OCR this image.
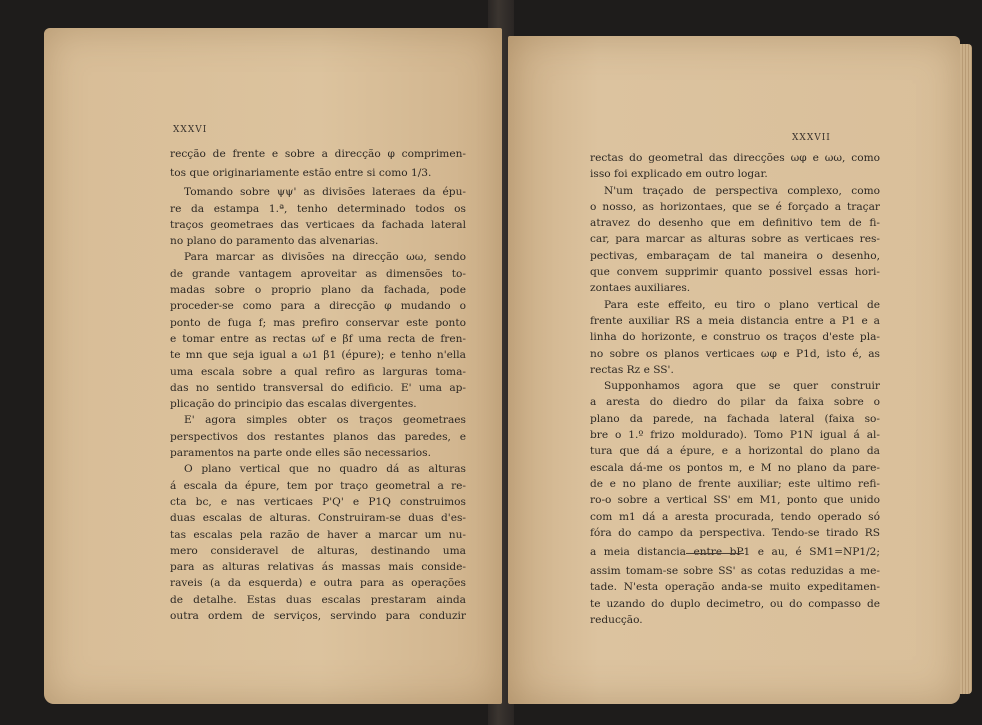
XXXVI
recção de frente e sobre a direcção φ comprimen-
tos que originariamente estão entre si como 1/3.
Tomando sobre ψψ' as divisões lateraes da épu-
re da estampa 1.ª, tenho determinado todos os
traços geometraes das verticaes da fachada lateral
no plano do paramento das alvenarias.
Para marcar as divisões na direcção ωω, sendo
de grande vantagem aproveitar as dimensões to-
madas sobre o proprio plano da fachada, pode
proceder-se como para a direcção φ mudando o
ponto de fuga f; mas prefiro conservar este ponto
e tomar entre as rectas ωf e βf uma recta de fren-
te mn que seja igual a ω1 β1 (épure); e tenho n'ella
uma escala sobre a qual refiro as larguras toma-
das no sentido transversal do edificio. E' uma ap-
plicação do principio das escalas divergentes.
E' agora simples obter os traços geometraes
perspectivos dos restantes planos das paredes, e
paramentos na parte onde elles são necessarios.
O plano vertical que no quadro dá as alturas
á escala da épure, tem por traço geometral a re-
cta bc, e nas verticaes P'Q' e P1Q construimos
duas escalas de alturas. Construiram-se duas d'es-
tas escalas pela razão de haver a marcar um nu-
mero consideravel de alturas, destinando uma
para as alturas relativas ás massas mais conside-
raveis (a da esquerda) e outra para as operações
de detalhe. Estas duas escalas prestaram ainda
outra ordem de serviços, servindo para conduzir
XXXVII
rectas do geometral das direcções ωφ e ωω, como
isso foi explicado em outro logar.
N'um traçado de perspectiva complexo, como
o nosso, as horizontaes, que se é forçado a traçar
atravez do desenho que em definitivo tem de fi-
car, para marcar as alturas sobre as verticaes res-
pectivas, embaraçam de tal maneira o desenho,
que convem supprimir quanto possivel essas hori-
zontaes auxiliares.
Para este effeito, eu tiro o plano vertical de
frente auxiliar RS a meia distancia entre a P1 e a
linha do horizonte, e construo os traços d'este pla-
no sobre os planos verticaes ωφ e P1d, isto é, as
rectas Rz e SS'.
Supponhamos agora que se quer construir
a aresta do diedro do pilar da faixa sobre o
plano da parede, na fachada lateral (faixa so-
bre o 1.º frizo moldurado). Tomo P1N igual á al-
tura que dá a épure, e a horizontal do plano da
escala dá-me os pontos m, e M no plano da pare-
de e no plano de frente auxiliar; este ultimo refi-
ro-o sobre a vertical SS' em M1, ponto que unido
com m1 dá a aresta procurada, tendo operado só
fóra do campo da perspectiva. Tendo-se tirado RS
a meia distancia entre bP1 e au, é SM1=NP1/2;
assim tomam-se sobre SS' as cotas reduzidas a me-
tade. N'esta operação anda-se muito expeditamen-
te uzando do duplo decimetro, ou do compasso de
reducção.
